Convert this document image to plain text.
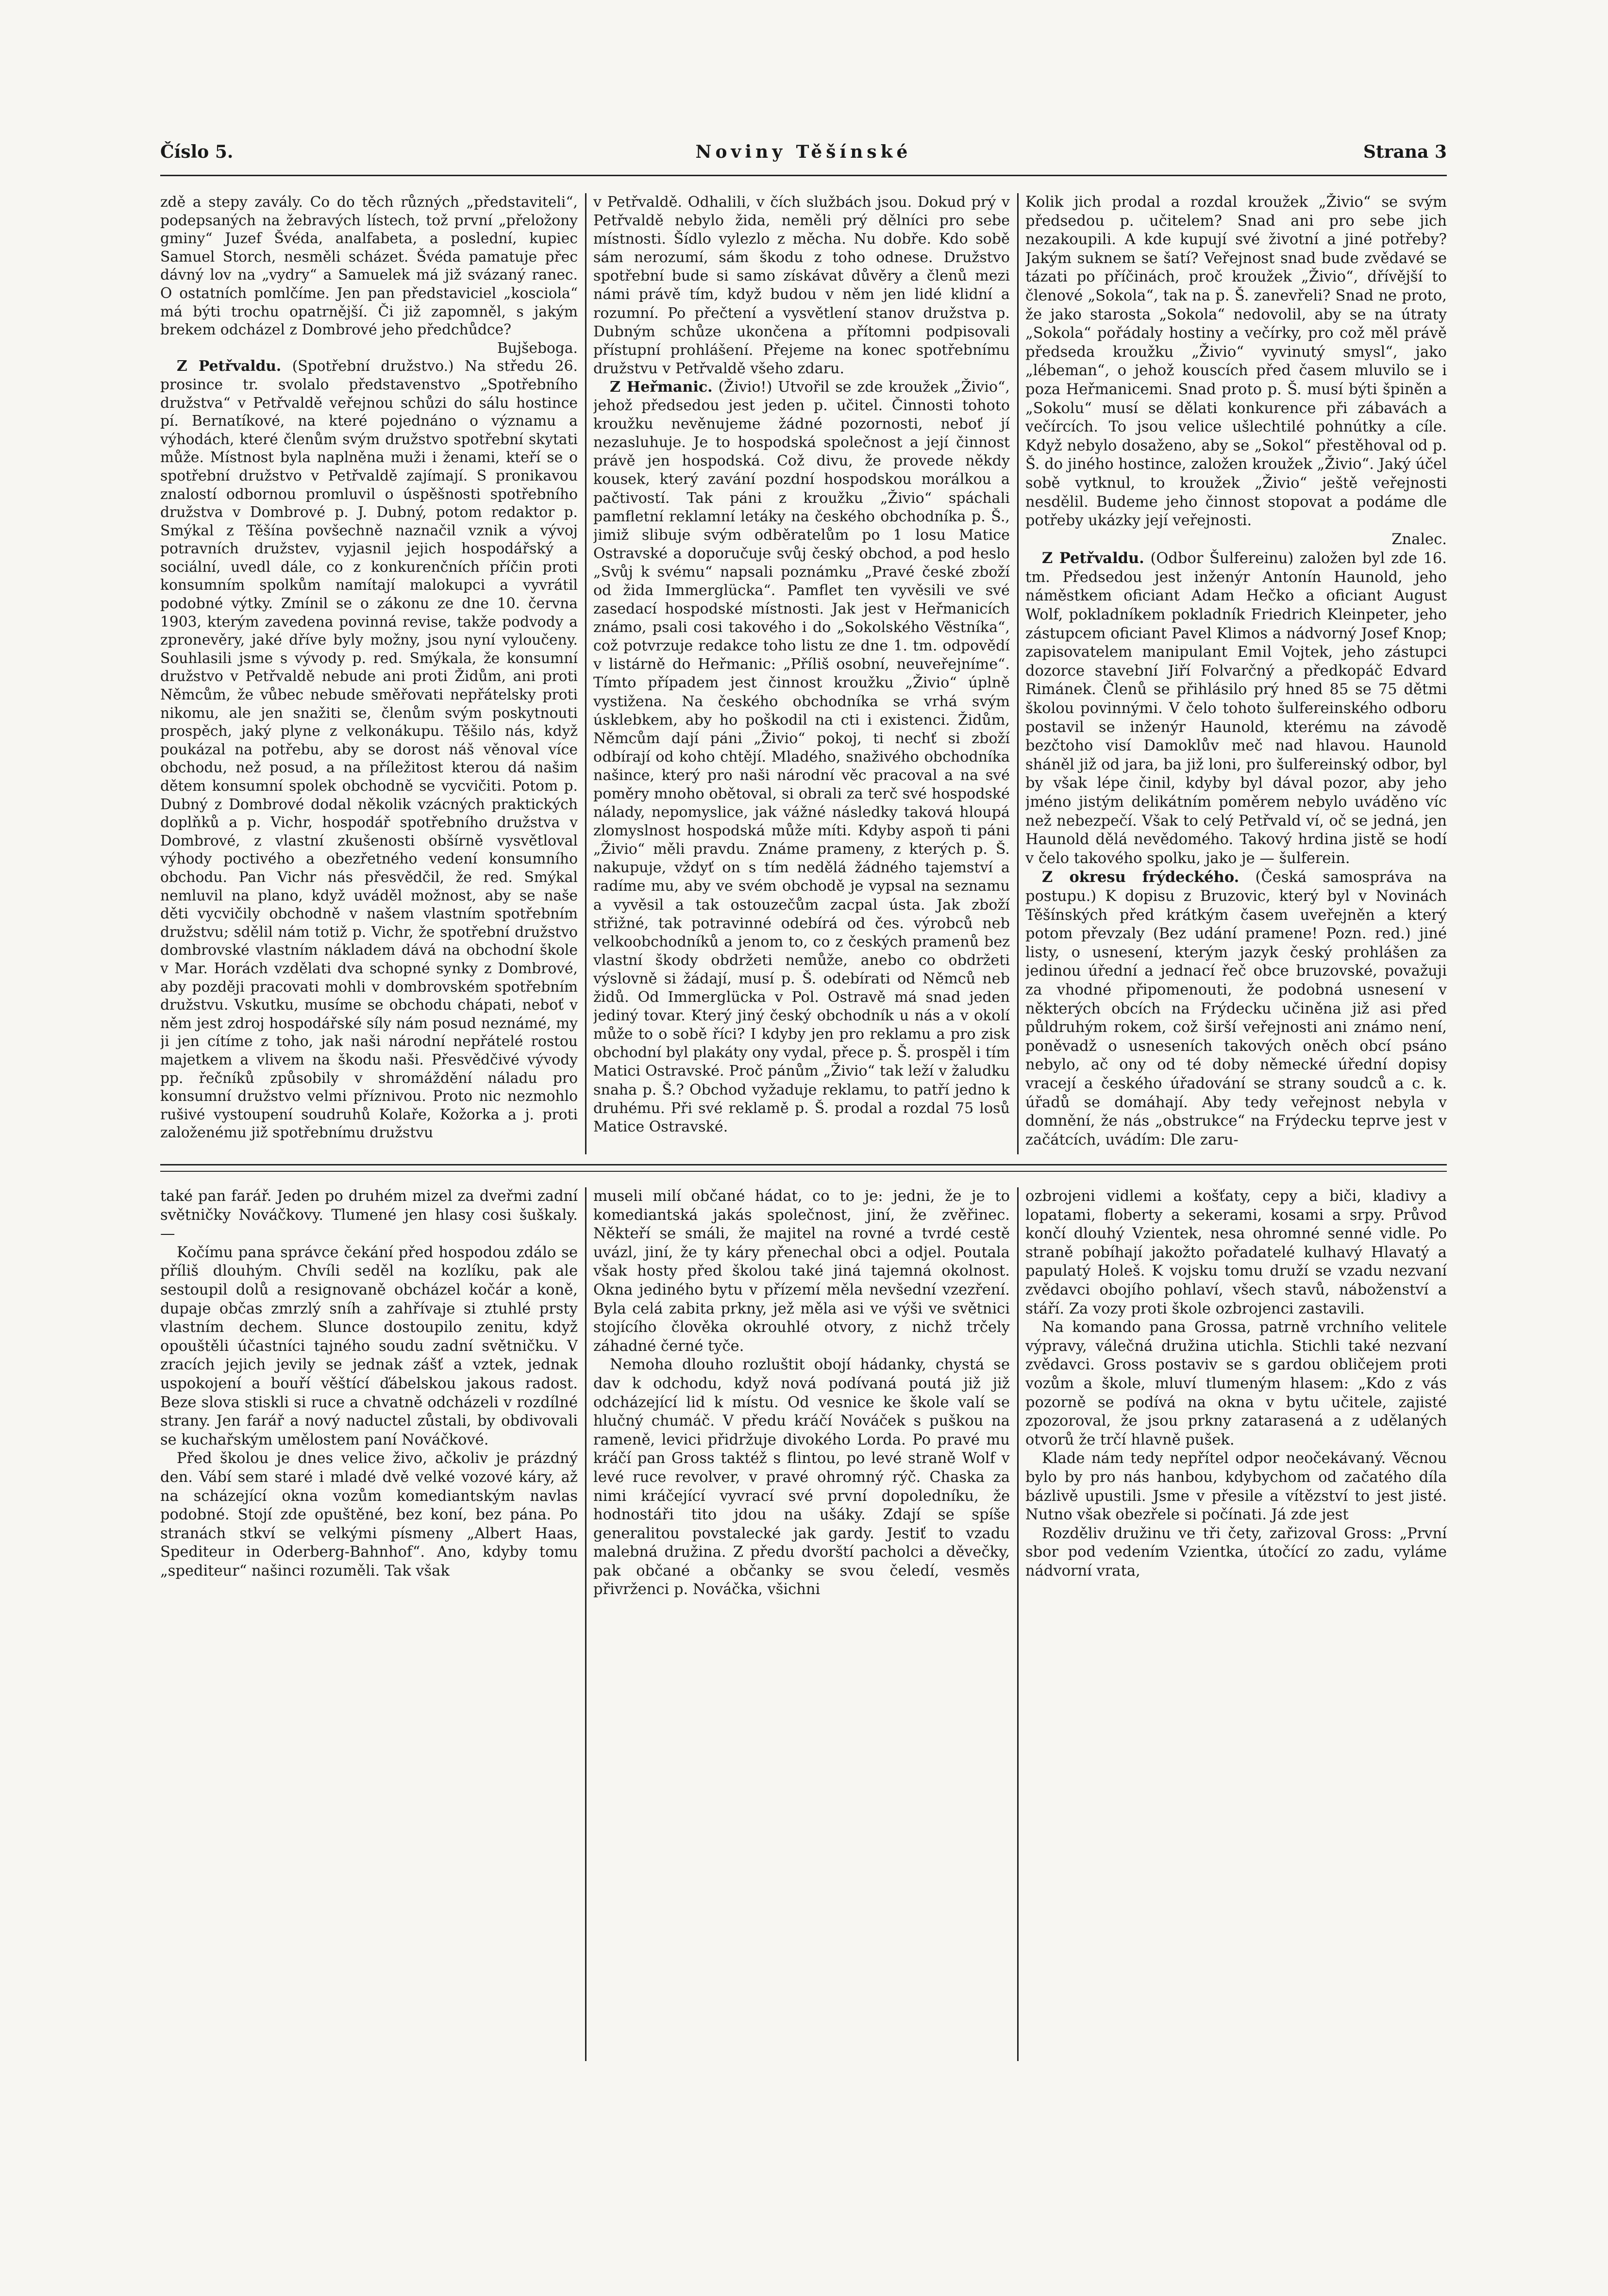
Číslo 5.	Noviny Těšínské	Strana 3

zdě a stepy zavály. Co do těch různých „představiteli“, podepsaných na žebravých lístech, tož první „přeložony gminy“ Juzef Švéda, analfabeta, a poslední, kupiec Samuel Storch, nesměli scházet. Švéda pamatuje přec dávný lov na „vydry“ a Samuelek má již svázaný ranec. O ostatních pomlčíme. Jen pan představiciel „kosciola“ má býti trochu opatrnější. Či již zapomněl, s jakým brekem odcházel z Dombrové jeho předchůdce?

Bujšeboga.

Z Petřvaldu. (Spotřební družstvo.) Na středu 26. prosince tr. svolalo představenstvo „Spotřebního družstva“ v Petřvaldě veřejnou schůzi do sálu hostince pí. Bernatíkové, na které pojednáno o významu a výhodách, které členům svým družstvo spotřební skytati může. Místnost byla naplněna muži i ženami, kteří se o spotřební družstvo v Petřvaldě zajímají. S pronikavou znalostí odbornou promluvil o úspěšnosti spotřebního družstva v Dombrové p. J. Dubný, potom redaktor p. Smýkal z Těšína povšechně naznačil vznik a vývoj potravních družstev, vyjasnil jejich hospodářský a sociální, uvedl dále, co z konkurenčních příčin proti konsumním spolkům namítají malokupci a vyvrátil podobné výtky. Zmínil se o zákonu ze dne 10. června 1903, kterým zavedena povinná revise, takže podvody a zpronevěry, jaké dříve byly možny, jsou nyní vyloučeny. Souhlasili jsme s vývody p. red. Smýkala, že konsumní družstvo v Petřvaldě nebude ani proti Židům, ani proti Němcům, že vůbec nebude směřovati nepřátelsky proti nikomu, ale jen snažiti se, členům svým poskytnouti prospěch, jaký plyne z velkonákupu. Těšilo nás, když poukázal na potřebu, aby se dorost náš věnoval více obchodu, než posud, a na příležitost kterou dá našim dětem konsumní spolek obchodně se vycvičiti. Potom p. Dubný z Dombrové dodal několik vzácných praktických doplňků a p. Vichr, hospodář spotřebního družstva v Dombrové, z vlastní zkušenosti obšírně vysvětloval výhody poctivého a obezřetného vedení konsumního obchodu. Pan Vichr nás přesvědčil, že red. Smýkal nemluvil na plano, když uváděl možnost, aby se naše děti vycvičily obchodně v našem vlastním spotřebním družstvu; sdělil nám totiž p. Vichr, že spotřební družstvo dombrovské vlastním nákladem dává na obchodní škole v Mar. Horách vzdělati dva schopné synky z Dombrové, aby později pracovati mohli v dombrovském spotřebním družstvu. Vskutku, musíme se obchodu chápati, neboť v něm jest zdroj hospodářské síly nám posud neznámé, my ji jen cítíme z toho, jak naši národní nepřátelé rostou majetkem a vlivem na škodu naši. Přesvědčivé vývody pp. řečníků způsobily v shromáždění náladu pro konsumní družstvo velmi příznivou. Proto nic nezmohlo rušivé vystoupení soudruhů Kolaře, Kožorka a j. proti založenému již spotřebnímu družstvu

v Petřvaldě. Odhalili, v čích službách jsou. Dokud prý v Petřvaldě nebylo žida, neměli prý dělníci pro sebe místnosti. Šídlo vylezlo z měcha. Nu dobře. Kdo sobě sám nerozumí, sám škodu z toho odnese. Družstvo spotřební bude si samo získávat důvěry a členů mezi námi právě tím, když budou v něm jen lidé klidní a rozumní. Po přečtení a vysvětlení stanov družstva p. Dubným schůze ukončena a přítomni podpisovali přístupní prohlášení. Přejeme na konec spotřebnímu družstvu v Petřvaldě všeho zdaru.

Z Heřmanic. (Živio!) Utvořil se zde kroužek „Živio“, jehož předsedou jest jeden p. učitel. Činnosti tohoto kroužku nevěnujeme žádné pozornosti, neboť jí nezasluhuje. Je to hospodská společnost a její činnost právě jen hospodská. Což divu, že provede někdy kousek, který zavání pozdní hospodskou morálkou a pačtivostí. Tak páni z kroužku „Živio“ spáchali pamfletní reklamní letáky na českého obchodníka p. Š., jimiž slibuje svým odběratelům po 1 losu Matice Ostravské a doporučuje svůj český obchod, a pod heslo „Svůj k svému“ napsali poznámku „Pravé české zboží od žida Immerglücka“. Pamflet ten vyvěsili ve své zasedací hospodské místnosti. Jak jest v Heřmanicích známo, psali cosi takového i do „Sokolského Věstníka“, což potvrzuje redakce toho listu ze dne 1. tm. odpovědí v listárně do Heřmanic: „Příliš osobní, neuveřejníme“. Tímto případem jest činnost kroužku „Živio“ úplně vystižena. Na českého obchodníka se vrhá svým úsklebkem, aby ho poškodil na cti i existenci. Židům, Němcům dají páni „Živio“ pokoj, ti nechť si zboží odbírají od koho chtějí. Mladého, snaživého obchodníka našince, který pro naši národní věc pracoval a na své poměry mnoho obětoval, si obrali za terč své hospodské nálady, nepomyslice, jak vážné následky taková hloupá zlomyslnost hospodská může míti. Kdyby aspoň ti páni „Živio“ měli pravdu. Známe prameny, z kterých p. Š. nakupuje, vždyť on s tím nedělá žádného tajemství a radíme mu, aby ve svém obchodě je vypsal na seznamu a vyvěsil a tak ostouzečům zacpal ústa. Jak zboží střižné, tak potravinné odebírá od čes. výrobců neb velkoobchodníků a jenom to, co z českých pramenů bez vlastní škody obdržeti nemůže, anebo co obdržeti výslovně si žádají, musí p. Š. odebírati od Němců neb židů. Od Immerglücka v Pol. Ostravě má snad jeden jediný tovar. Který jiný český obchodník u nás a v okolí může to o sobě říci? I kdyby jen pro reklamu a pro zisk obchodní byl plakáty ony vydal, přece p. Š. prospěl i tím Matici Ostravské. Proč pánům „Živio“ tak leží v žaludku snaha p. Š.? Obchod vyžaduje reklamu, to patří jedno k druhému. Při své reklamě p. Š. prodal a rozdal 75 losů Matice Ostravské.

Kolik jich prodal a rozdal kroužek „Živio“ se svým předsedou p. učitelem? Snad ani pro sebe jich nezakoupili. A kde kupují své životní a jiné potřeby? Jakým suknem se šatí? Veřejnost snad bude zvědavé se tázati po příčinách, proč kroužek „Živio“, dřívější to členové „Sokola“, tak na p. Š. zanevřeli? Snad ne proto, že jako starosta „Sokola“ nedovolil, aby se na útraty „Sokola“ pořádaly hostiny a večírky, pro což měl právě předseda kroužku „Živio“ vyvinutý smysl“, jako „lébeman“, o jehož kouscích před časem mluvilo se i poza Heřmanicemi. Snad proto p. Š. musí býti špiněn a „Sokolu“ musí se dělati konkurence při zábavách a večírcích. To jsou velice ušlechtilé pohnútky a cíle. Když nebylo dosaženo, aby se „Sokol“ přestěhoval od p. Š. do jiného hostince, založen kroužek „Živio“. Jaký účel sobě vytknul, to kroužek „Živio“ ještě veřejnosti nesdělil. Budeme jeho činnost stopovat a podáme dle potřeby ukázky její veřejnosti.

Znalec.

Z Petřvaldu. (Odbor Šulfereinu) založen byl zde 16. tm. Předsedou jest inženýr Antonín Haunold, jeho náměstkem oficiant Adam Hečko a oficiant August Wolf, pokladníkem pokladník Friedrich Kleinpeter, jeho zástupcem oficiant Pavel Klimos a nádvorný Josef Knop; zapisovatelem manipulant Emil Vojtek, jeho zástupci dozorce stavební Jiří Folvarčný a předkopáč Edvard Rimánek. Členů se přihlásilo prý hned 85 se 75 dětmi školou povinnými. V čelo tohoto šulfereinského odboru postavil se inženýr Haunold, kterému na závodě bezčtoho visí Damoklův meč nad hlavou. Haunold sháněl již od jara, ba již loni, pro šulfereinský odbor, byl by však lépe činil, kdyby byl dával pozor, aby jeho jméno jistým delikátním poměrem nebylo uváděno víc než nebezpečí. Však to celý Petřvald ví, oč se jedná, jen Haunold dělá nevědomého. Takový hrdina jistě se hodí v čelo takového spolku, jako je — šulferein.

Z okresu frýdeckého. (Česká samospráva na postupu.) K dopisu z Bruzovic, který byl v Novinách Těšínských před krátkým časem uveřejněn a který potom převzaly (Bez udání pramene! Pozn. red.) jiné listy, o usnesení, kterým jazyk český prohlášen za jedinou úřední a jednací řeč obce bruzovské, považuji za vhodné připomenouti, že podobná usnesení v některých obcích na Frýdecku učiněna již asi před půldruhým rokem, což širší veřejnosti ani známo není, poněvadž o usneseních takových oněch obcí psáno nebylo, ač ony od té doby německé úřední dopisy vracejí a českého úřadování se strany soudců a c. k. úřadů se domáhají. Aby tedy veřejnost nebyla v domnění, že nás „obstrukce“ na Frýdecku teprve jest v začátcích, uvádím: Dle zaru-

také pan farář. Jeden po druhém mizel za dveřmi zadní světničky Nováčkovy. Tlumené jen hlasy cosi šuškaly. —

Kočímu pana správce čekání před hospodou zdálo se příliš dlouhým. Chvíli seděl na kozlíku, pak ale sestoupil dolů a resignovaně obcházel kočár a koně, dupaje občas zmrzlý sníh a zahřívaje si ztuhlé prsty vlastním dechem. Slunce dostoupilo zenitu, když opouštěli účastníci tajného soudu zadní světničku. V zracích jejich jevily se jednak zášť a vztek, jednak uspokojení a bouří věštící ďábelskou jakous radost. Beze slova stiskli si ruce a chvatně odcházeli v rozdílné strany. Jen farář a nový naductel zůstali, by obdivovali se kuchařským umělostem paní Nováčkové.

Před školou je dnes velice živo, ačkoliv je prázdný den. Vábí sem staré i mladé dvě velké vozové káry, až na scházející okna vozům komediantským navlas podobné. Stojí zde opuštěné, bez koní, bez pána. Po stranách stkví se velkými písmeny „Albert Haas, Spediteur in Oderberg-Bahnhof“. Ano, kdyby tomu „spediteur“ našinci rozuměli. Tak však

museli milí občané hádat, co to je: jedni, že je to komediantská jakás společnost, jiní, že zvěřinec. Někteří se smáli, že majitel na rovné a tvrdé cestě uvázl, jiní, že ty káry přenechal obci a odjel. Poutala však hosty před školou také jiná tajemná okolnost. Okna jediného bytu v přízemí měla nevšední vzezření. Byla celá zabita prkny, jež měla asi ve výši ve světnici stojícího člověka okrouhlé otvory, z nichž trčely záhadné černé tyče.

Nemoha dlouho rozluštit obojí hádanky, chystá se dav k odchodu, když nová podívaná poutá již již odcházející lid k místu. Od vesnice ke škole valí se hlučný chumáč. V předu kráčí Nováček s puškou na rameně, levici přidržuje divokého Lorda. Po pravé mu kráčí pan Gross taktéž s flintou, po levé straně Wolf v levé ruce revolver, v pravé ohromný rýč. Chaska za nimi kráčející vyvrací své první dopoledníku, že hodnostáři tito jdou na ušáky. Zdají se spíše generalitou povstalecké jak gardy. Jestiť to vzadu malebná družina. Z předu dvorští pacholci a děvečky, pak občané a občanky se svou čeledí, vesměs přivrženci p. Nováčka, všichni

ozbrojeni vidlemi a košťaty, cepy a biči, kladivy a lopatami, floberty a sekerami, kosami a srpy. Průvod končí dlouhý Vzientek, nesa ohromné senné vidle. Po straně pobíhají jakožto pořadatelé kulhavý Hlavatý a papulatý Holeš. K vojsku tomu druží se vzadu nezvaní zvědavci obojího pohlaví, všech stavů, náboženství a stáří. Za vozy proti škole ozbrojenci zastavili.

Na komando pana Grossa, patrně vrchního velitele výpravy, válečná družina utichla. Stichli také nezvaní zvědavci. Gross postaviv se s gardou obličejem proti vozům a škole, mluví tlumeným hlasem: „Kdo z vás pozorně se podívá na okna v bytu učitele, zajisté zpozoroval, že jsou prkny zatarasená a z udělaných otvorů že trčí hlavně pušek.

Klade nám tedy nepřítel odpor neočekávaný. Věcnou bylo by pro nás hanbou, kdybychom od začatého díla bázlivě upustili. Jsme v přesile a vítězství to jest jisté. Nutno však obezřele si počínati. Já zde jest

Rozděliv družinu ve tři čety, zařizoval Gross: „První sbor pod vedením Vzientka, útočící zo zadu, vyláme nádvorní vrata,
